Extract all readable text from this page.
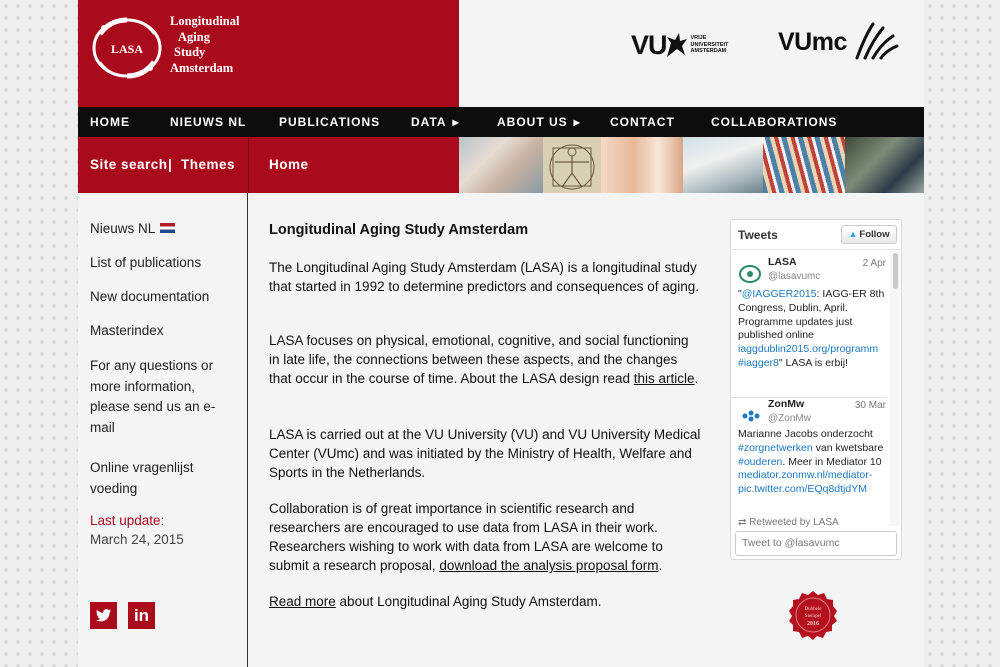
LASA
Longitudinal
Aging
Study
Amsterdam
VU	VRIJE
UNIVERSITEIT
AMSTERDAM VUmc
HOME	NIEUWS NL	PUBLICATIONS	DATA ▶	ABOUT US ▶ CONTACT	COLLABORATIONS
Site search | Themes	Home
Nieuws NL
List of publications
New documentation
Masterindex
For any questions or more information, please send us an e-mail
Online vragenlijst voeding
Last update:
March 24, 2015
in
Longitudinal Aging Study Amsterdam
The Longitudinal Aging Study Amsterdam (LASA) is a longitudinal study that started in 1992 to determine predictors and consequences of aging.
LASA focuses on physical, emotional, cognitive, and social functioning in late life, the connections between these aspects, and the changes that occur in the course of time. About the LASA design read this article.
LASA is carried out at the VU University (VU) and VU University Medical Center (VUmc) and was initiated by the Ministry of Health, Welfare and Sports in the Netherlands.
Collaboration is of great importance in scientific research and researchers are encouraged to use data from LASA in their work. Researchers wishing to work with data from LASA are welcome to submit a research proposal, download the analysis proposal form.
Read more about Longitudinal Aging Study Amsterdam.
Tweets	▲ Follow
LASA
@lasavumc
2 Apr
"@IAGGER2015: IAGG-ER 8th Congress, Dublin, April. Programme updates just published online iaggdublin2015.org/programm #iagger8" LASA is erbij!
ZonMw
@ZonMw
30 Mar
Marianne Jacobs onderzocht #zorgnetwerken van kwetsbare #ouderen. Meer in Mediator 10 mediator.zonmw.nl/mediator- pic.twitter.com/EQq8dtjdYM
⇄ Retweeted by LASA
Tweet to @lasavumc
Dubbele
Stempel
2016
